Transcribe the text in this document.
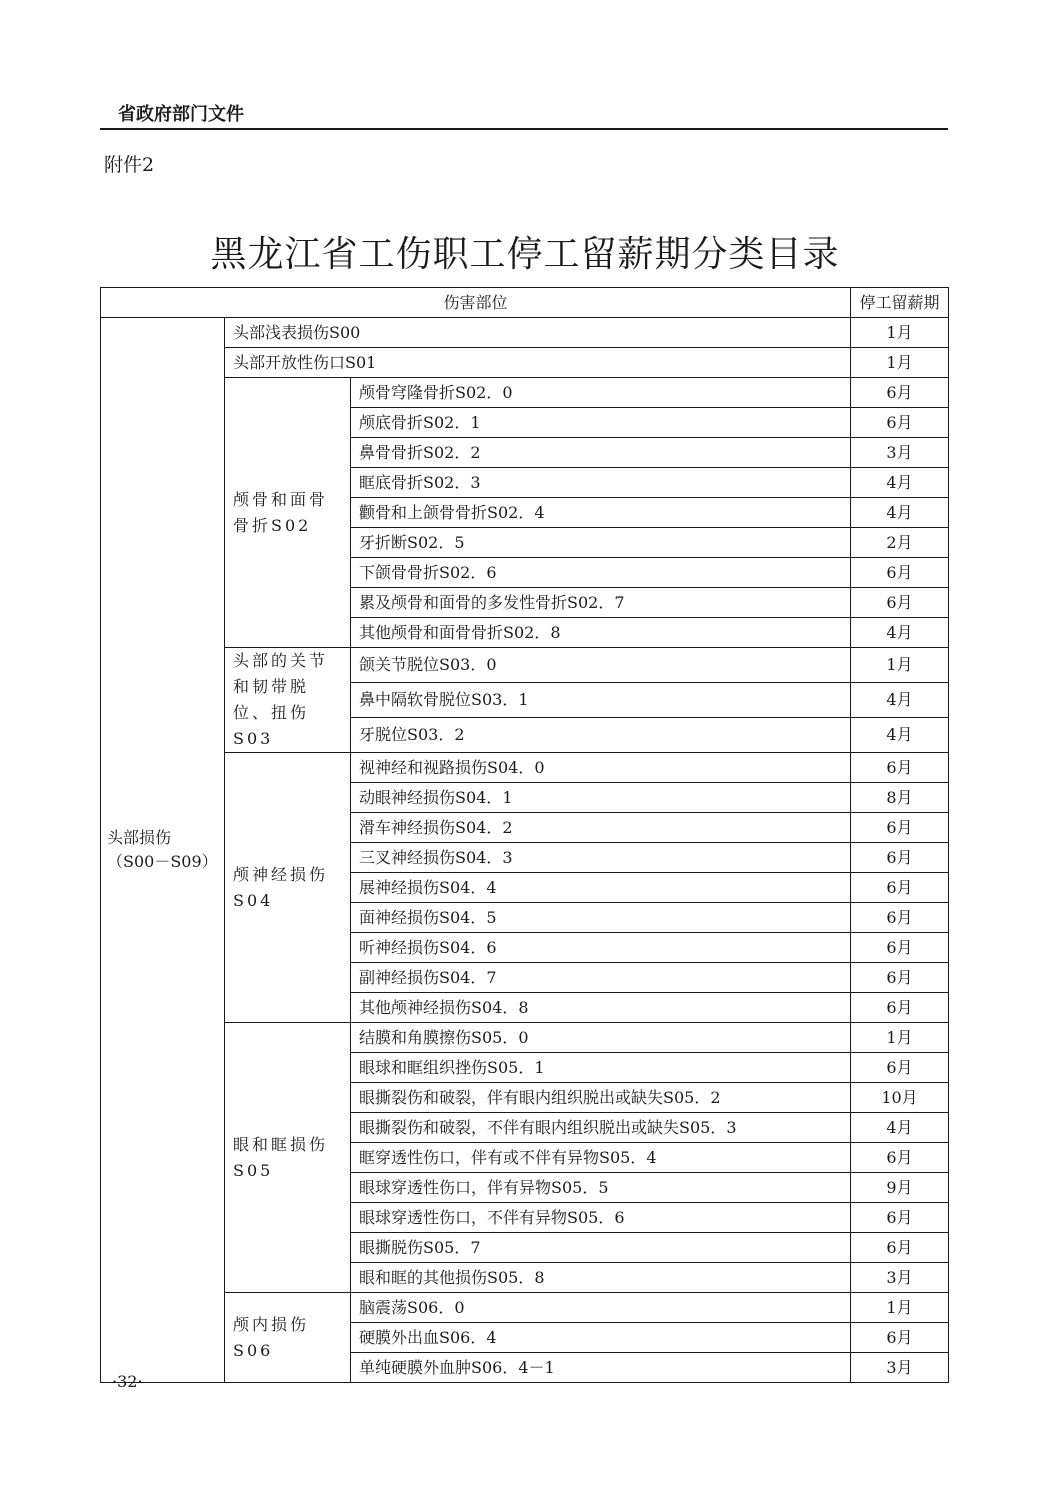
省政府部门文件
附件2
黑龙江省工伤职工停工留薪期分类目录
伤害部位			停工留薪期
头部损伤
（S00－S09）	头部浅表损伤S00		1月
	头部开放性伤口S01		1月
	颅骨和面骨骨折S02	颅骨穹隆骨折S02．0	6月
		颅底骨折S02．1	6月
		鼻骨骨折S02．2	3月
		眶底骨折S02．3	4月
		颧骨和上颌骨骨折S02．4	4月
		牙折断S02．5	2月
		下颌骨骨折S02．6	6月
		累及颅骨和面骨的多发性骨折S02．7	6月
		其他颅骨和面骨骨折S02．8	4月
	头部的关节和韧带脱位、扭伤S03	颌关节脱位S03．0	1月
		鼻中隔软骨脱位S03．1	4月
		牙脱位S03．2	4月
	颅神经损伤S04	视神经和视路损伤S04．0	6月
		动眼神经损伤S04．1	8月
		滑车神经损伤S04．2	6月
		三叉神经损伤S04．3	6月
		展神经损伤S04．4	6月
		面神经损伤S04．5	6月
		听神经损伤S04．6	6月
		副神经损伤S04．7	6月
		其他颅神经损伤S04．8	6月
	眼和眶损伤S05	结膜和角膜擦伤S05．0	1月
		眼球和眶组织挫伤S05．1	6月
		眼撕裂伤和破裂，伴有眼内组织脱出或缺失S05．2	10月
		眼撕裂伤和破裂，不伴有眼内组织脱出或缺失S05．3	4月
		眶穿透性伤口，伴有或不伴有异物S05．4	6月
		眼球穿透性伤口，伴有异物S05．5	9月
		眼球穿透性伤口，不伴有异物S05．6	6月
		眼撕脱伤S05．7	6月
		眼和眶的其他损伤S05．8	3月
	颅内损伤S06	脑震荡S06．0	1月
		硬膜外出血S06．4	6月
		单纯硬膜外血肿S06．4－1	3月
·32·
